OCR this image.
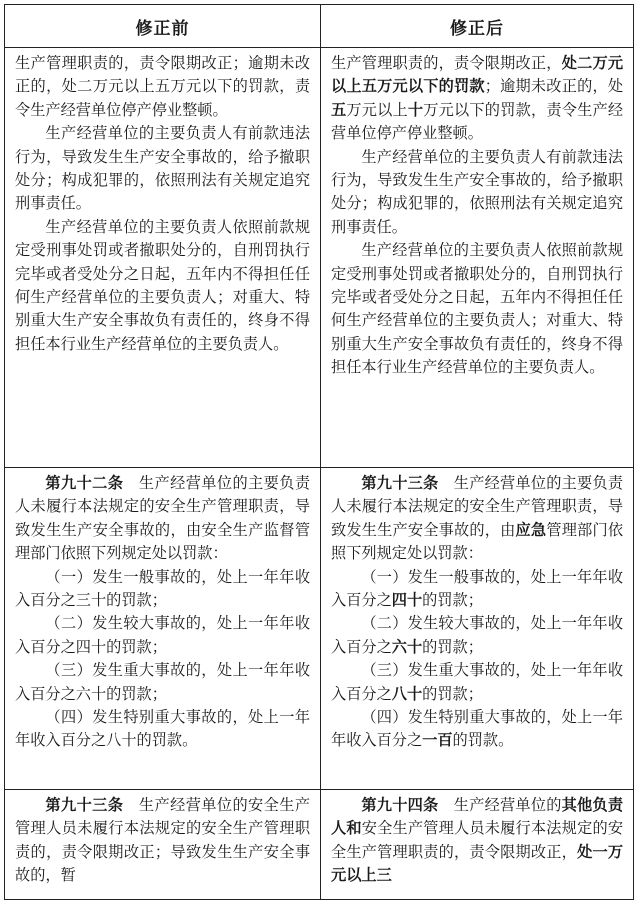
修正前	修正后

生产管理职责的，责令限期改正；逾期未改正的，处二万元以上五万元以下的罚款，责令生产经营单位停产停业整顿。

生产经营单位的主要负责人有前款违法行为，导致发生生产安全事故的，给予撤职处分；构成犯罪的，依照刑法有关规定追究刑事责任。

生产经营单位的主要负责人依照前款规定受刑事处罚或者撤职处分的，自刑罚执行完毕或者受处分之日起，五年内不得担任任何生产经营单位的主要负责人；对重大、特别重大生产安全事故负有责任的，终身不得担任本行业生产经营单位的主要负责人。

生产管理职责的，责令限期改正，处二万元以上五万元以下的罚款；逾期未改正的，处五万元以上十万元以下的罚款，责令生产经营单位停产停业整顿。

生产经营单位的主要负责人有前款违法行为，导致发生生产安全事故的，给予撤职处分；构成犯罪的，依照刑法有关规定追究刑事责任。

生产经营单位的主要负责人依照前款规定受刑事处罚或者撤职处分的，自刑罚执行完毕或者受处分之日起，五年内不得担任任何生产经营单位的主要负责人；对重大、特别重大生产安全事故负有责任的，终身不得担任本行业生产经营单位的主要负责人。

第九十二条　生产经营单位的主要负责人未履行本法规定的安全生产管理职责，导致发生生产安全事故的，由安全生产监督管理部门依照下列规定处以罚款：

（一）发生一般事故的，处上一年年收入百分之三十的罚款；

（二）发生较大事故的，处上一年年收入百分之四十的罚款；

（三）发生重大事故的，处上一年年收入百分之六十的罚款；

（四）发生特别重大事故的，处上一年年收入百分之八十的罚款。

第九十三条　生产经营单位的主要负责人未履行本法规定的安全生产管理职责，导致发生生产安全事故的，由应急管理部门依照下列规定处以罚款：

（一）发生一般事故的，处上一年年收入百分之四十的罚款；

（二）发生较大事故的，处上一年年收入百分之六十的罚款；

（三）发生重大事故的，处上一年年收入百分之八十的罚款；

（四）发生特别重大事故的，处上一年年收入百分之一百的罚款。

第九十三条　生产经营单位的安全生产管理人员未履行本法规定的安全生产管理职责的，责令限期改正；导致发生生产安全事故的，暂

第九十四条　生产经营单位的其他负责人和安全生产管理人员未履行本法规定的安全生产管理职责的，责令限期改正，处一万元以上三
